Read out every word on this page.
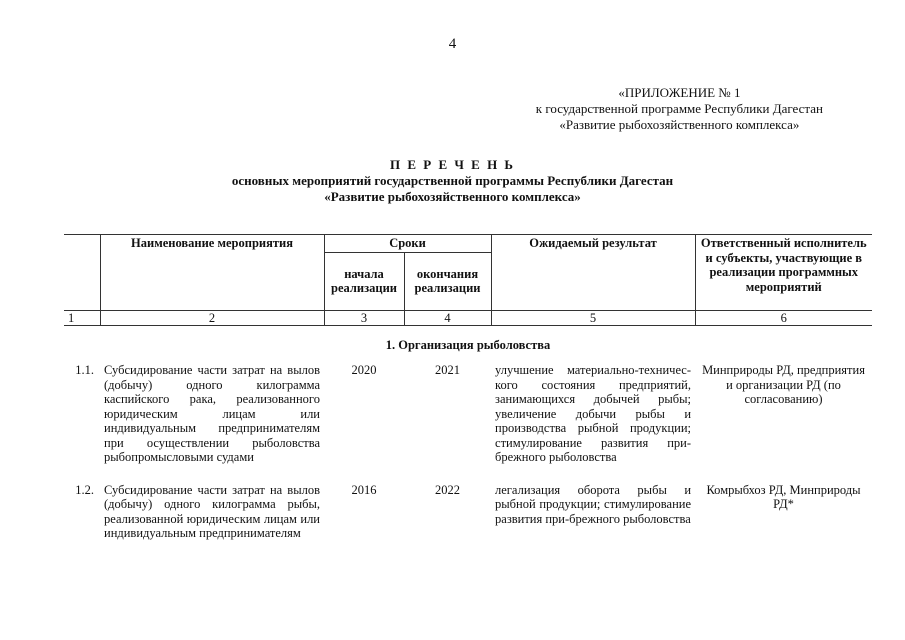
4
«ПРИЛОЖЕНИЕ № 1
к государственной программе Республики Дагестан
«Развитие рыбохозяйственного комплекса»
П Е Р Е Ч Е Н Ь
основных мероприятий государственной программы Республики Дагестан
«Развитие рыбохозяйственного комплекса»
	Наименование мероприятия	Сроки		Ожидаемый результат	Ответственный исполнитель и субъекты, участвующие в реализации программных мероприятий
		начала реализации	окончания реализации		
1	2	3	4	5	6
1. Организация рыболовства					
1.1.	Субсидирование части затрат на вылов (добычу) одного килограмма каспийского рака, реализованного юридическим лицам или индивидуальным предпринимателям при осуществлении рыболовства рыбопромысловыми судами	2020	2021	улучшение материально-техничес-кого состояния предприятий, занимающихся добычей рыбы; увеличение добычи рыбы и производства рыбной продукции; стимулирование развития при-брежного рыболовства	Минприроды РД, предприятия и организации РД (по согласованию)

1.2.	Субсидирование части затрат на вылов (добычу) одного килограмма рыбы, реализованной юридическим лицам или индивидуальным предпринимателям	2016	2022	легализация оборота рыбы и рыбной продукции; стимулирование развития при-брежного рыболовства	Комрыбхоз РД, Минприроды РД*
